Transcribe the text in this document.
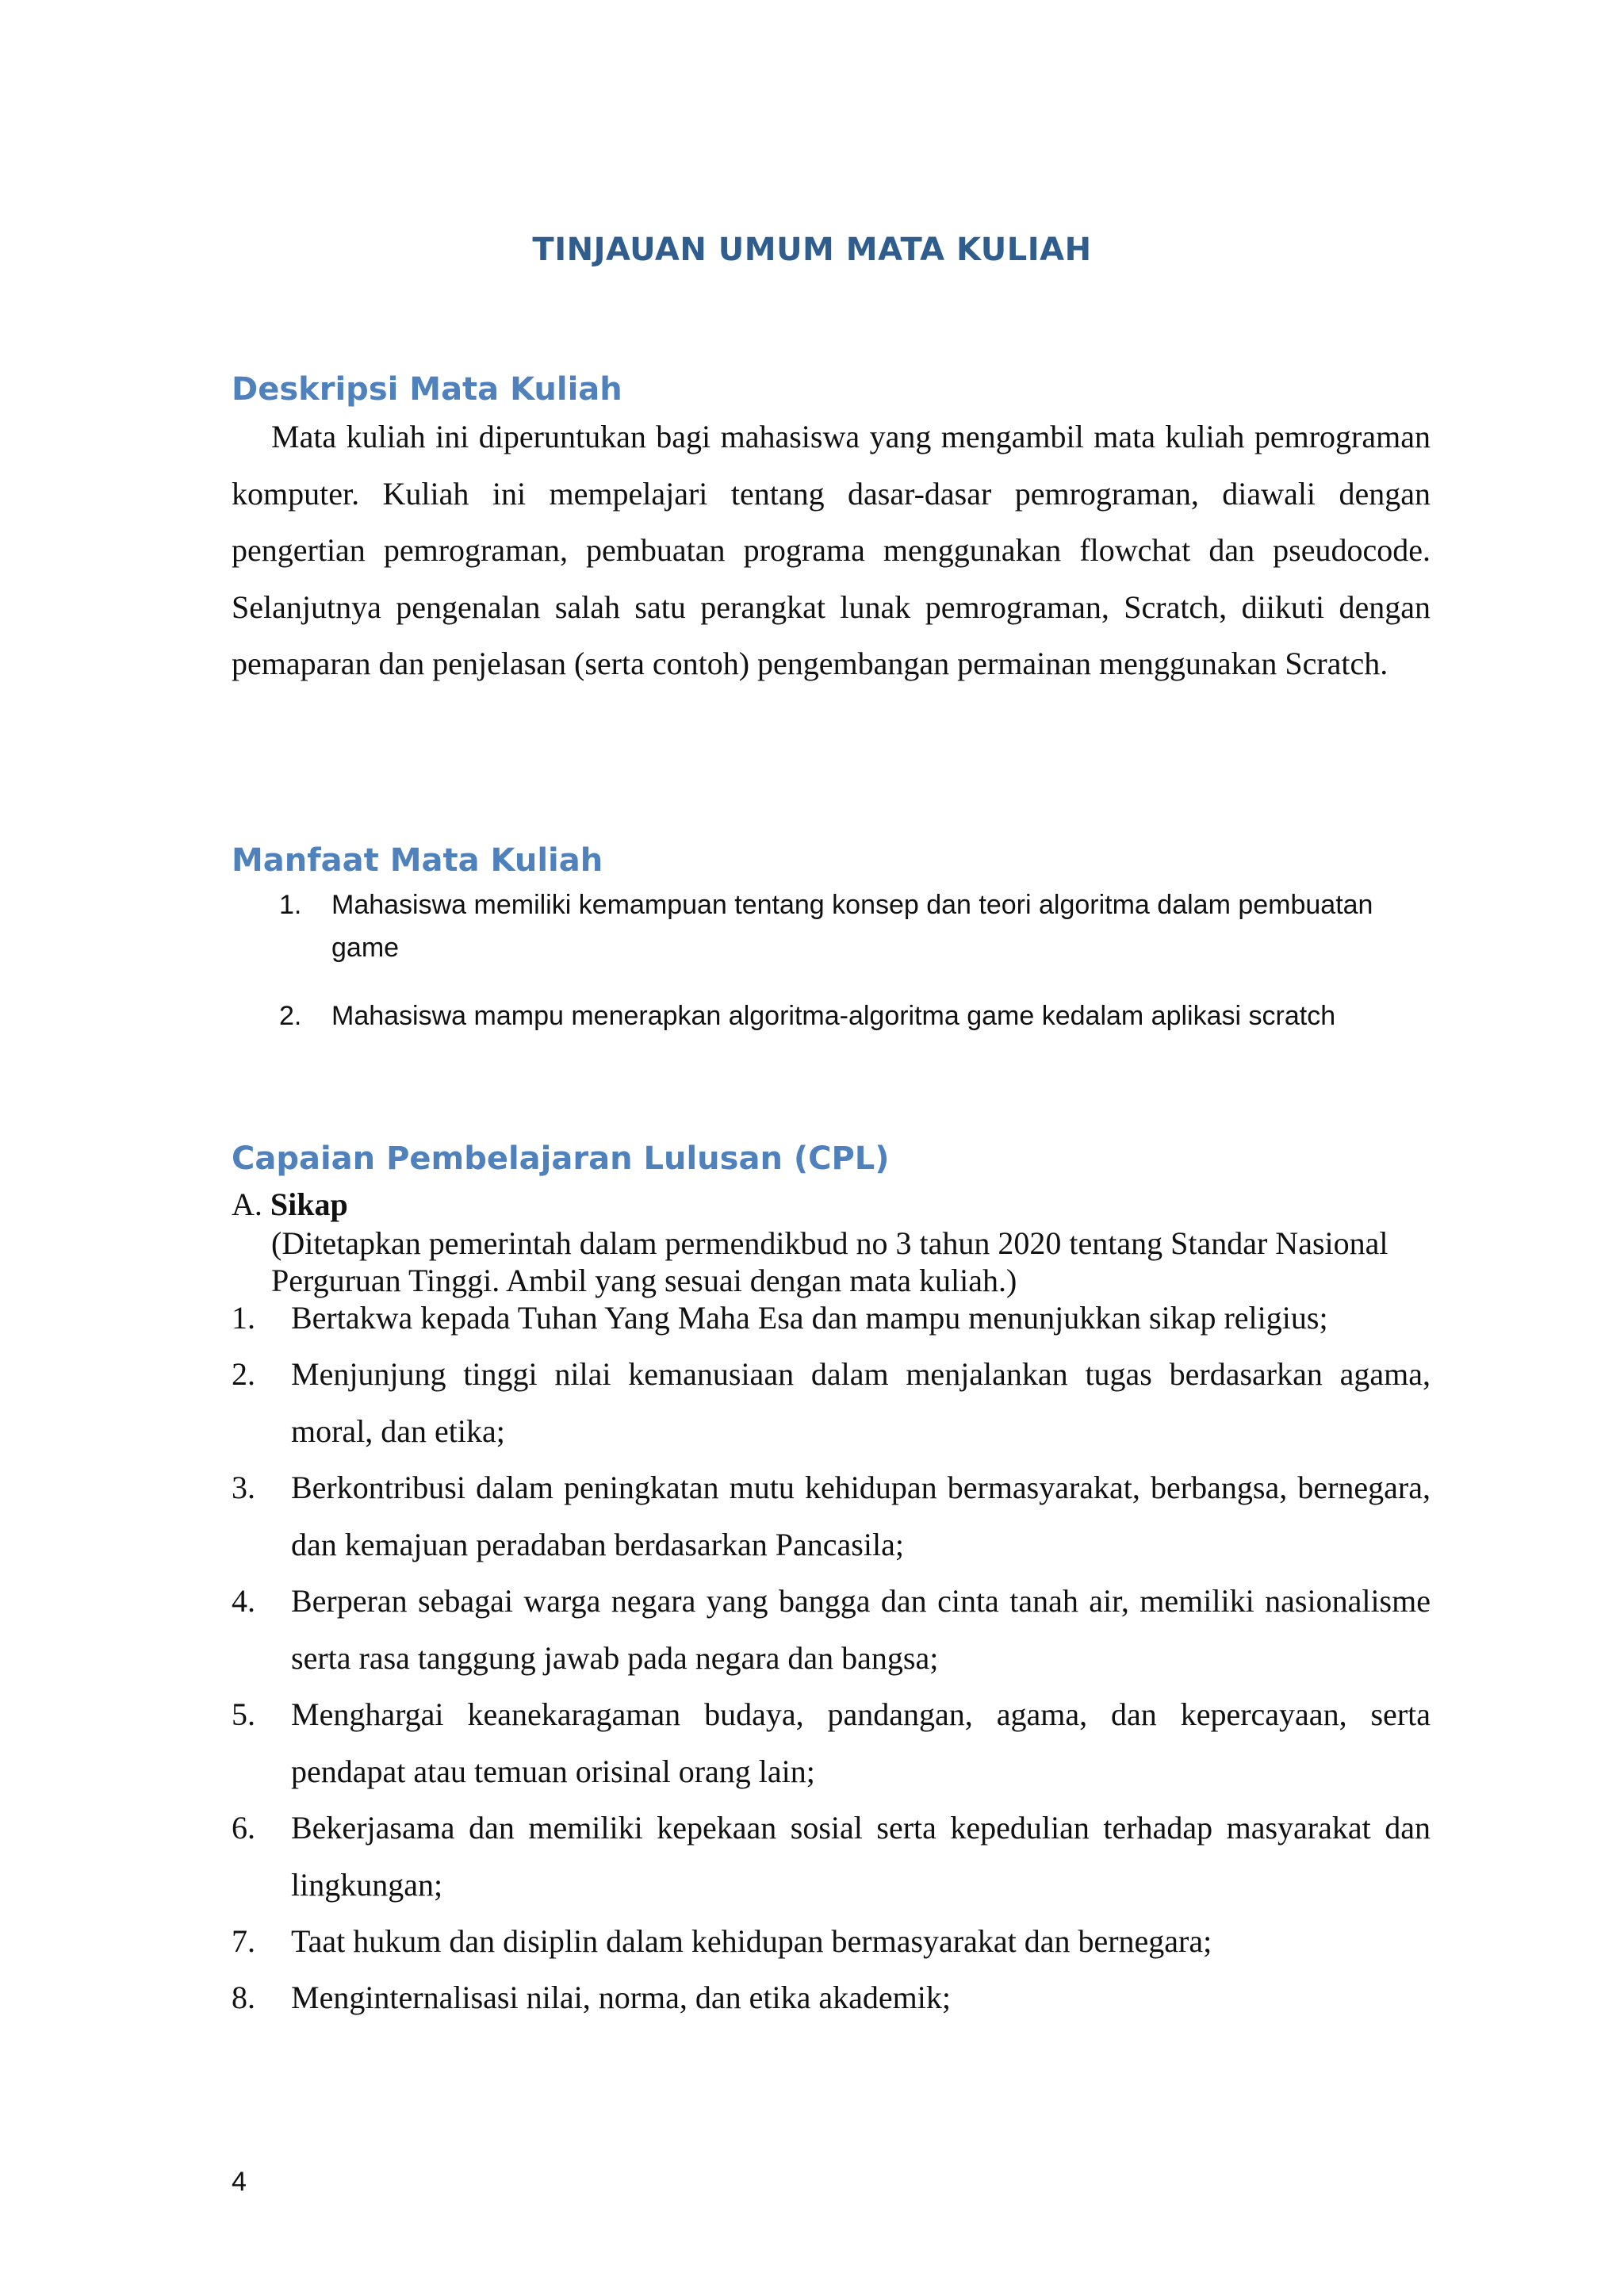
TINJAUAN UMUM MATA KULIAH
Deskripsi Mata Kuliah

Mata kuliah ini diperuntukan bagi mahasiswa yang mengambil mata kuliah pemrograman komputer. Kuliah ini mempelajari tentang dasar-dasar pemrograman, diawali dengan pengertian pemrograman, pembuatan programa menggunakan flowchat dan pseudocode. Selanjutnya pengenalan salah satu perangkat lunak pemrograman, Scratch, diikuti dengan pemaparan dan penjelasan (serta contoh) pengembangan permainan menggunakan Scratch.

Manfaat Mata Kuliah
1.	Mahasiswa memiliki kemampuan tentang konsep dan teori algoritma dalam pembuatan game
2.	Mahasiswa mampu menerapkan algoritma-algoritma game kedalam aplikasi scratch
Capaian Pembelajaran Lulusan (CPL)
A. Sikap
(Ditetapkan pemerintah dalam permendikbud no 3 tahun 2020 tentang Standar Nasional Perguruan Tinggi. Ambil yang sesuai dengan mata kuliah.)
1.	Bertakwa kepada Tuhan Yang Maha Esa dan mampu menunjukkan sikap religius;
2.	Menjunjung tinggi nilai kemanusiaan dalam menjalankan tugas berdasarkan agama, moral, dan etika;
3.	Berkontribusi dalam peningkatan mutu kehidupan bermasyarakat, berbangsa, bernegara, dan kemajuan peradaban berdasarkan Pancasila;
4.	Berperan sebagai warga negara yang bangga dan cinta tanah air, memiliki nasionalisme serta rasa tanggung jawab pada negara dan bangsa;
5.	Menghargai keanekaragaman budaya, pandangan, agama, dan kepercayaan, serta pendapat atau temuan orisinal orang lain;
6.	Bekerjasama dan memiliki kepekaan sosial serta kepedulian terhadap masyarakat dan lingkungan;
7.	Taat hukum dan disiplin dalam kehidupan bermasyarakat dan bernegara;
8.	Menginternalisasi nilai, norma, dan etika akademik;
4
